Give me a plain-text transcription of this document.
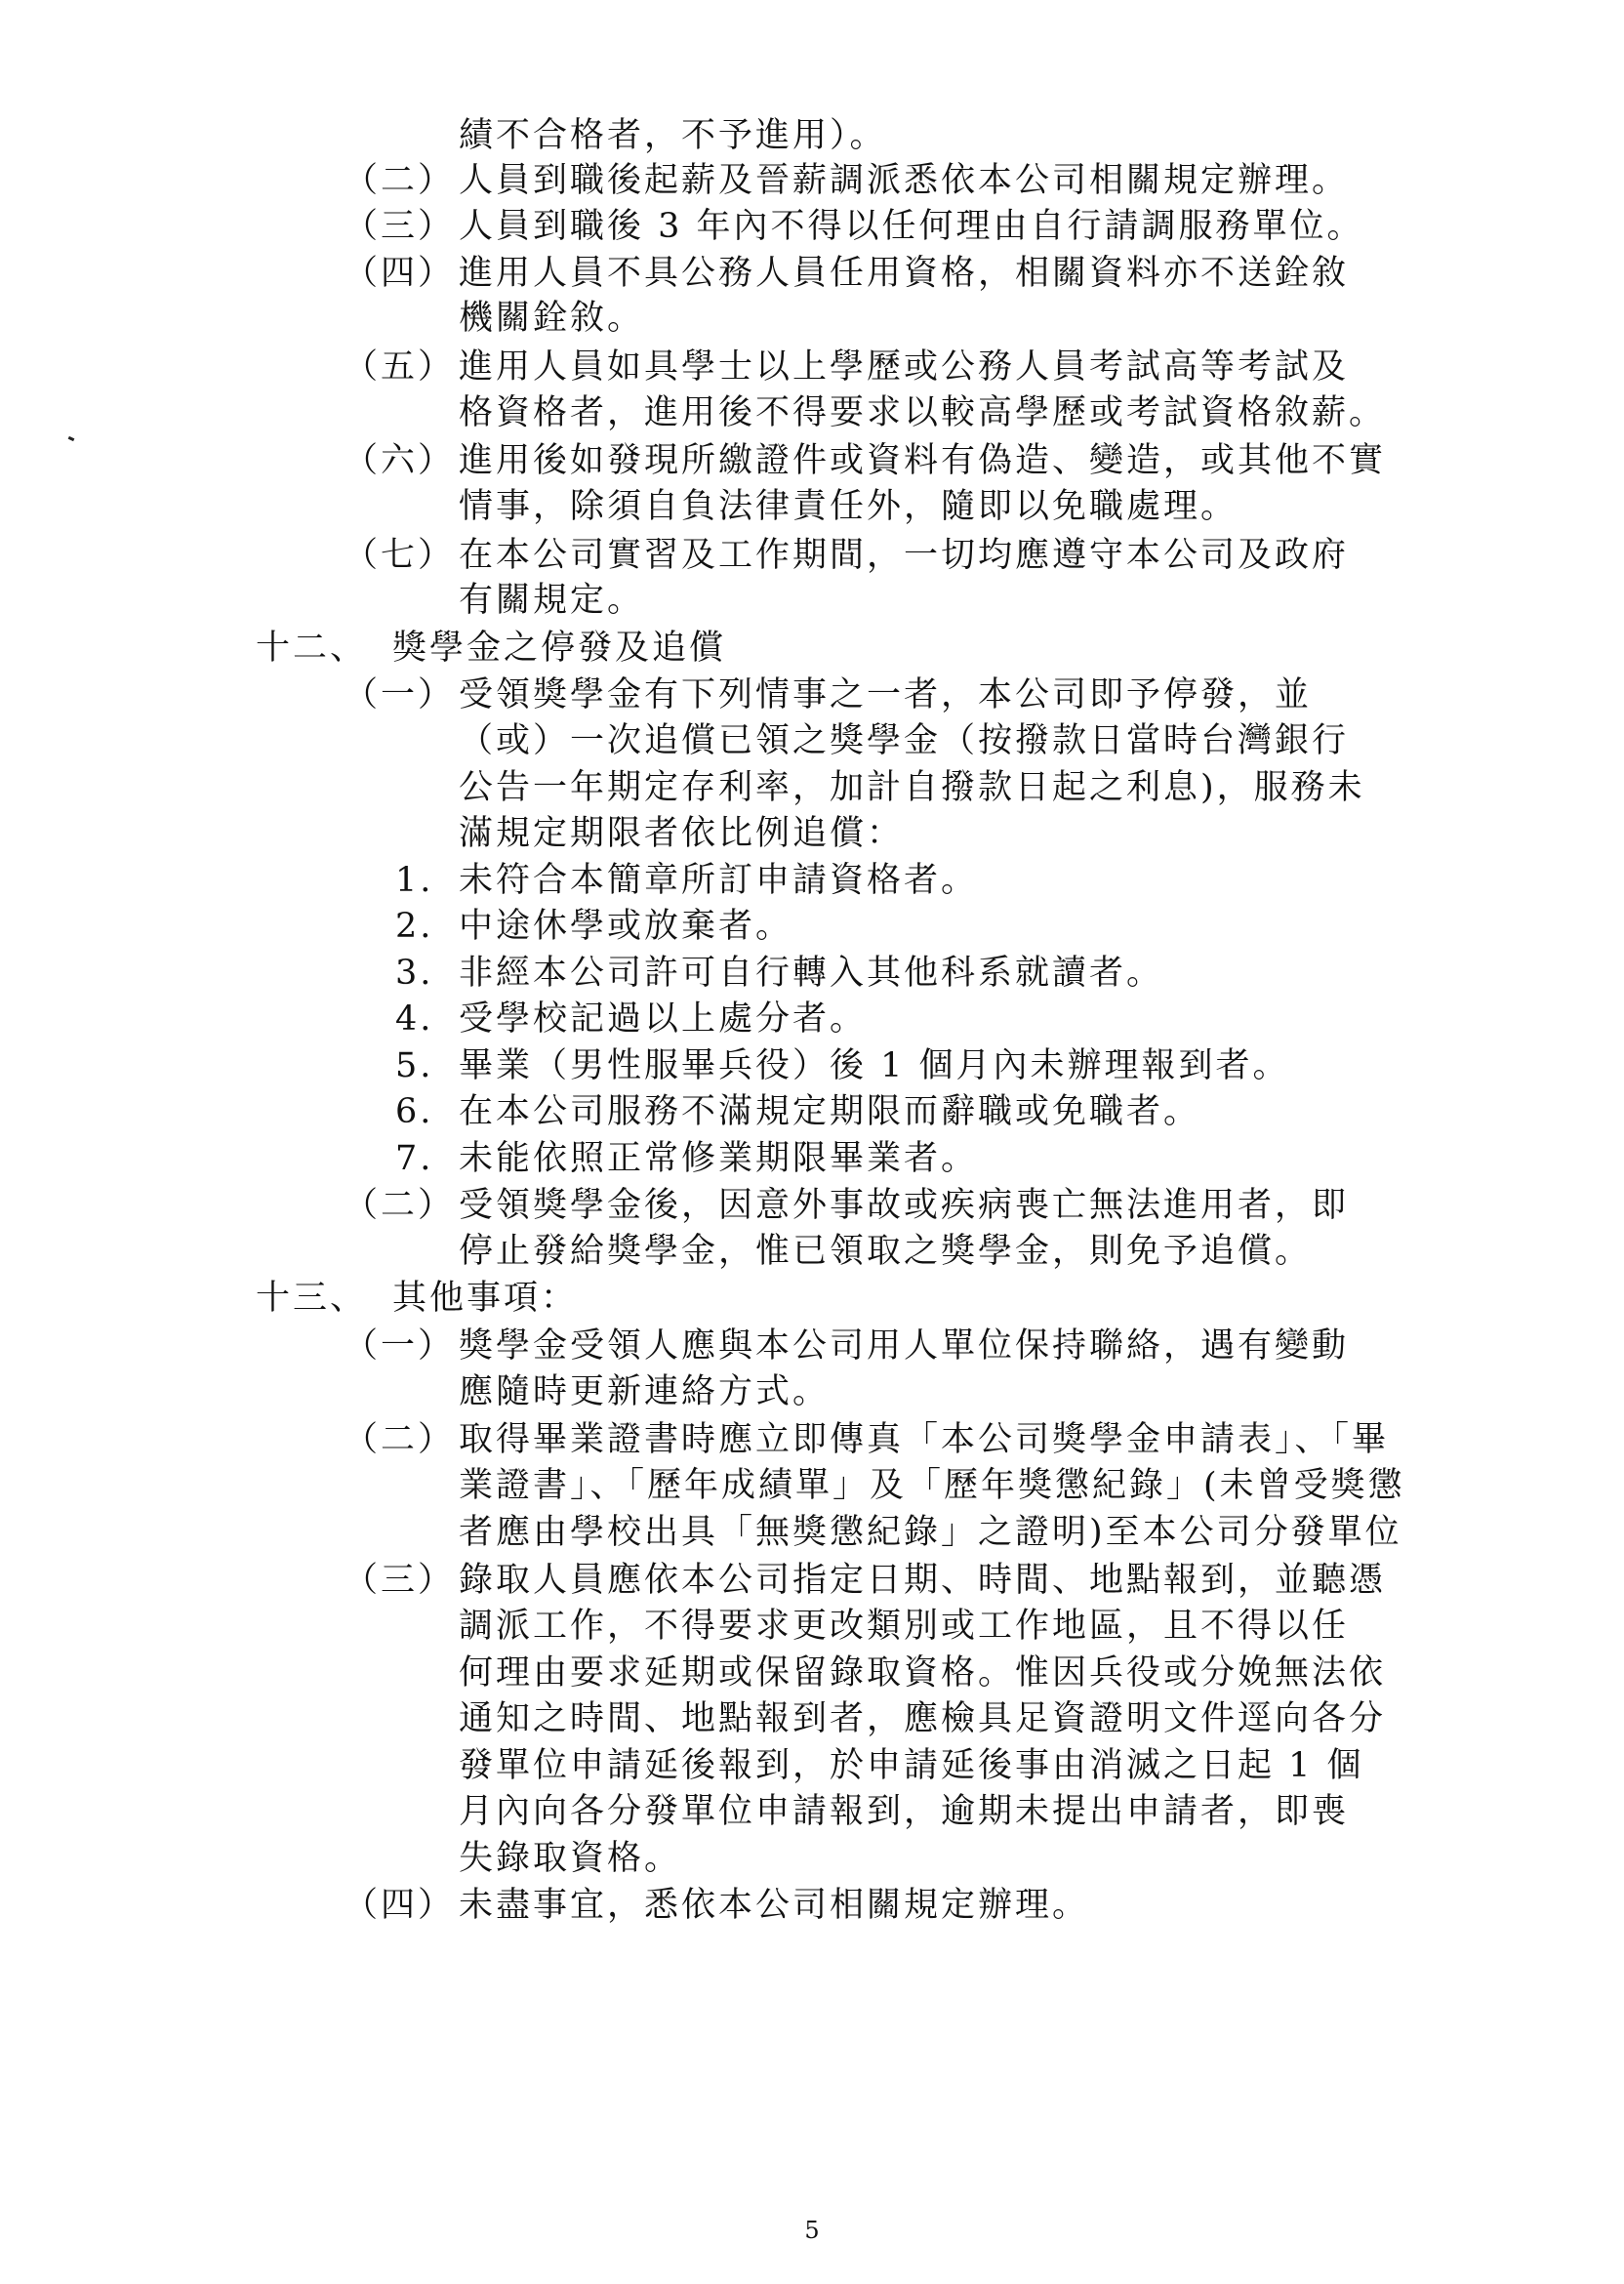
績不合格者，不予進用）。
（二） 人員到職後起薪及晉薪調派悉依本公司相關規定辦理。
（三） 人員到職後 3 年內不得以任何理由自行請調服務單位。
（四） 進用人員不具公務人員任用資格，相關資料亦不送銓敘
機關銓敘。
（五） 進用人員如具學士以上學歷或公務人員考試高等考試及
格資格者，進用後不得要求以較高學歷或考試資格敘薪。
（六） 進用後如發現所繳證件或資料有偽造、變造，或其他不實
情事，除須自負法律責任外，隨即以免職處理。
（七） 在本公司實習及工作期間，一切均應遵守本公司及政府
有關規定。
十二、 獎學金之停發及追償
（一） 受領獎學金有下列情事之一者，本公司即予停發，並
（或）一次追償已領之獎學金（按撥款日當時台灣銀行
公告一年期定存利率，加計自撥款日起之利息)，服務未
滿規定期限者依比例追償：
1. 未符合本簡章所訂申請資格者。
2. 中途休學或放棄者。
3. 非經本公司許可自行轉入其他科系就讀者。
4. 受學校記過以上處分者。
5. 畢業（男性服畢兵役）後 1 個月內未辦理報到者。
6. 在本公司服務不滿規定期限而辭職或免職者。
7. 未能依照正常修業期限畢業者。
（二） 受領獎學金後，因意外事故或疾病喪亡無法進用者，即
停止發給獎學金，惟已領取之獎學金，則免予追償。
十三、 其他事項：
（一） 獎學金受領人應與本公司用人單位保持聯絡，遇有變動
應隨時更新連絡方式。
（二） 取得畢業證書時應立即傳真「本公司獎學金申請表」、「畢
業證書」、「歷年成績單」及「歷年獎懲紀錄」(未曾受獎懲
者應由學校出具「無獎懲紀錄」之證明)至本公司分發單位
（三） 錄取人員應依本公司指定日期、時間、地點報到，並聽憑
調派工作，不得要求更改類別或工作地區，且不得以任
何理由要求延期或保留錄取資格。惟因兵役或分娩無法依
通知之時間、地點報到者，應檢具足資證明文件逕向各分
發單位申請延後報到，於申請延後事由消滅之日起 1 個
月內向各分發單位申請報到，逾期未提出申請者，即喪
失錄取資格。
（四） 未盡事宜，悉依本公司相關規定辦理。
5
